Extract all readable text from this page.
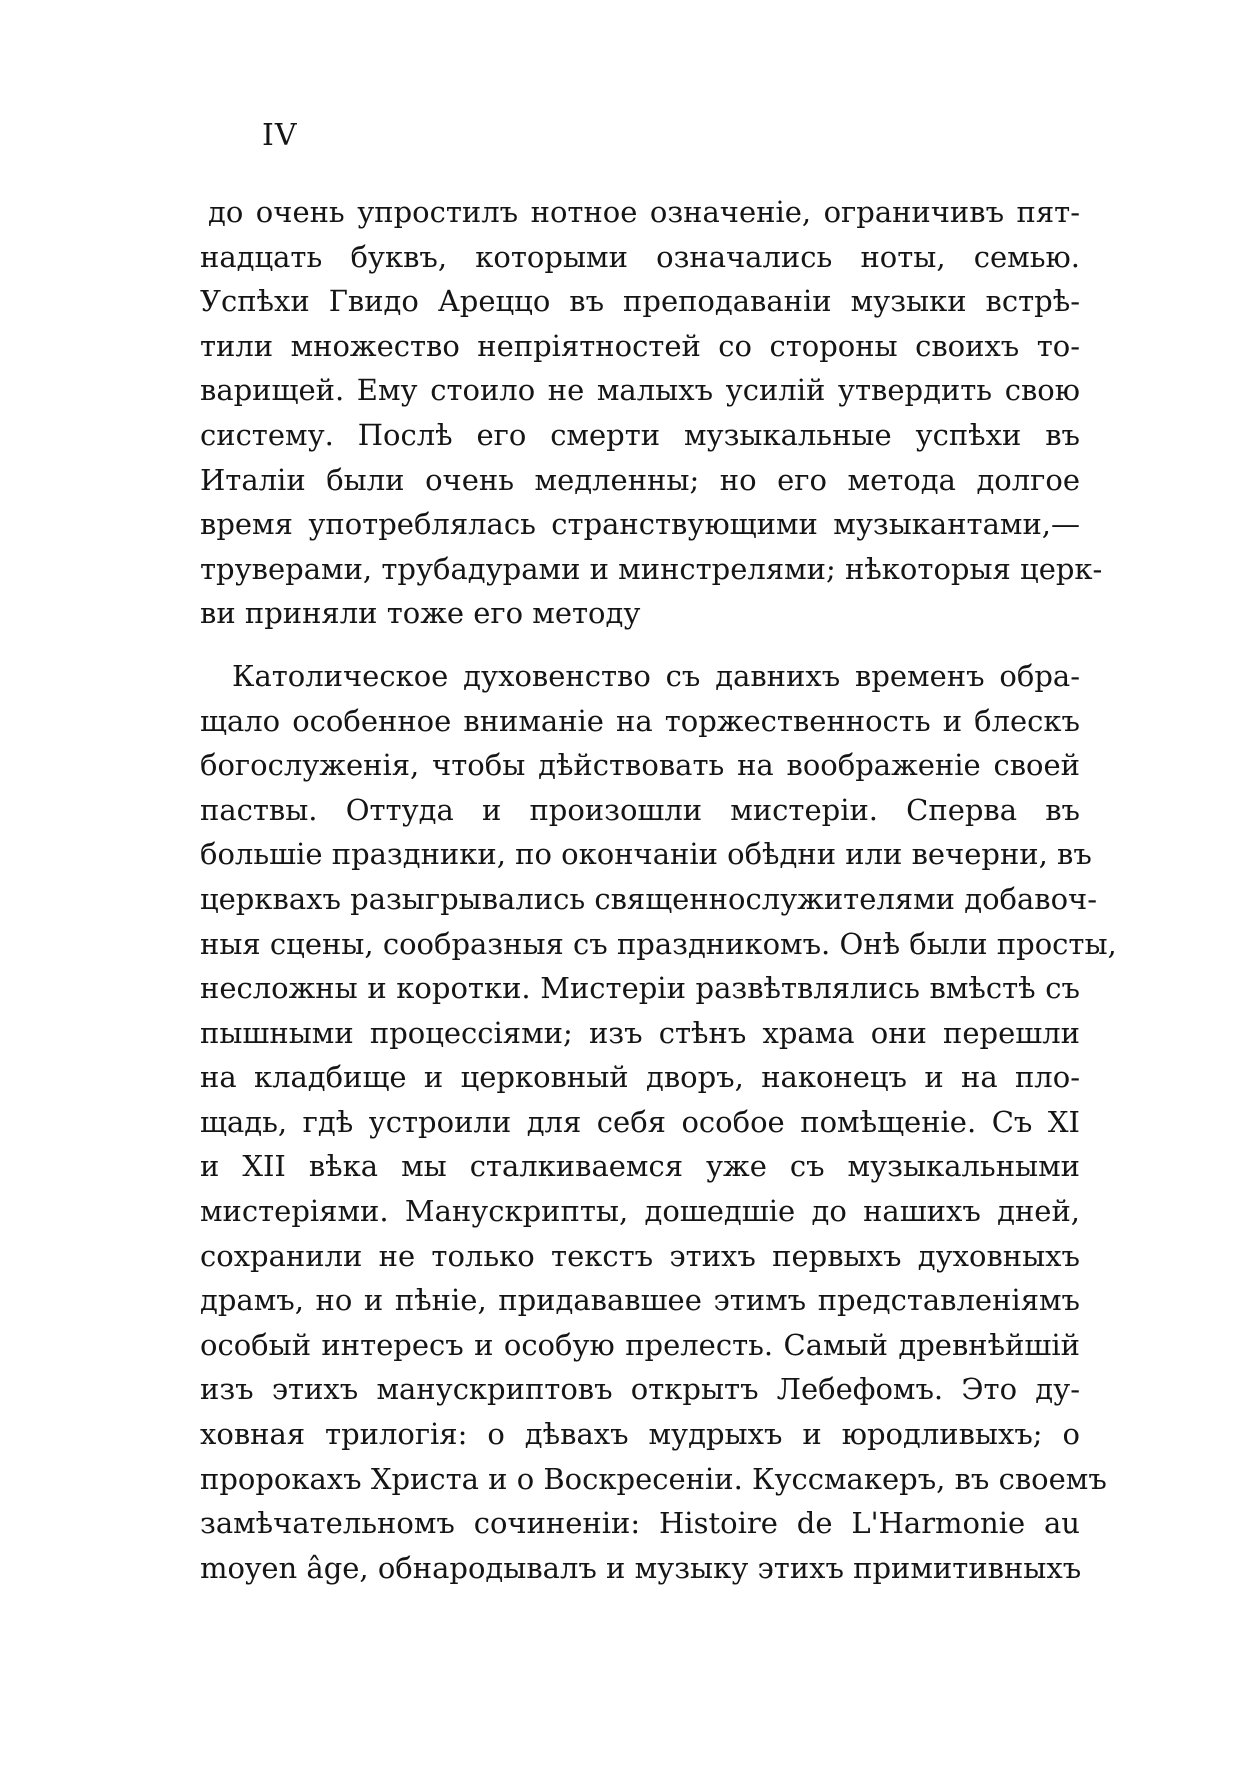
IV
до очень упростилъ нотное означеніе, ограничивъ пят-
надцать буквъ, которыми означались ноты, семью.
Успѣхи Гвидо Ареццо въ преподаваніи музыки встрѣ-
тили множество непріятностей со стороны своихъ то-
варищей. Ему стоило не малыхъ усилій утвердить свою
систему. Послѣ его смерти музыкальные успѣхи въ
Италіи были очень медленны; но его метода долгое
время употреблялась странствующими музыкантами,—
труверами, трубадурами и минстрелями; нѣкоторыя церк-
ви приняли тоже его методу
Католическое духовенство съ давнихъ временъ обра-
щало особенное вниманіе на торжественность и блескъ
богослуженія, чтобы дѣйствовать на воображеніе своей
паствы. Оттуда и произошли мистеріи. Сперва въ
большіе праздники, по окончаніи обѣдни или вечерни, въ
церквахъ разыгрывались священнослужителями добавоч-
ныя сцены, сообразныя съ праздникомъ. Онѣ были просты,
несложны и коротки. Мистеріи развѣтвлялись вмѣстѣ съ
пышными процессіями; изъ стѣнъ храма они перешли
на кладбище и церковный дворъ, наконецъ и на пло-
щадь, гдѣ устроили для себя особое помѣщеніе. Съ XI
и XII вѣка мы сталкиваемся уже съ музыкальными
мистеріями. Манускрипты, дошедшіе до нашихъ дней,
сохранили не только текстъ этихъ первыхъ духовныхъ
драмъ, но и пѣніе, придававшее этимъ представленіямъ
особый интересъ и особую прелесть. Самый древнѣйшій
изъ этихъ манускриптовъ открытъ Лебефомъ. Это ду-
ховная трилогія: о дѣвахъ мудрыхъ и юродливыхъ; о
пророкахъ Христа и о Воскресеніи. Куссмакеръ, въ своемъ
замѣчательномъ сочиненіи: Histoire de L'Harmonie au
moyen âge, обнародывалъ и музыку этихъ примитивныхъ
